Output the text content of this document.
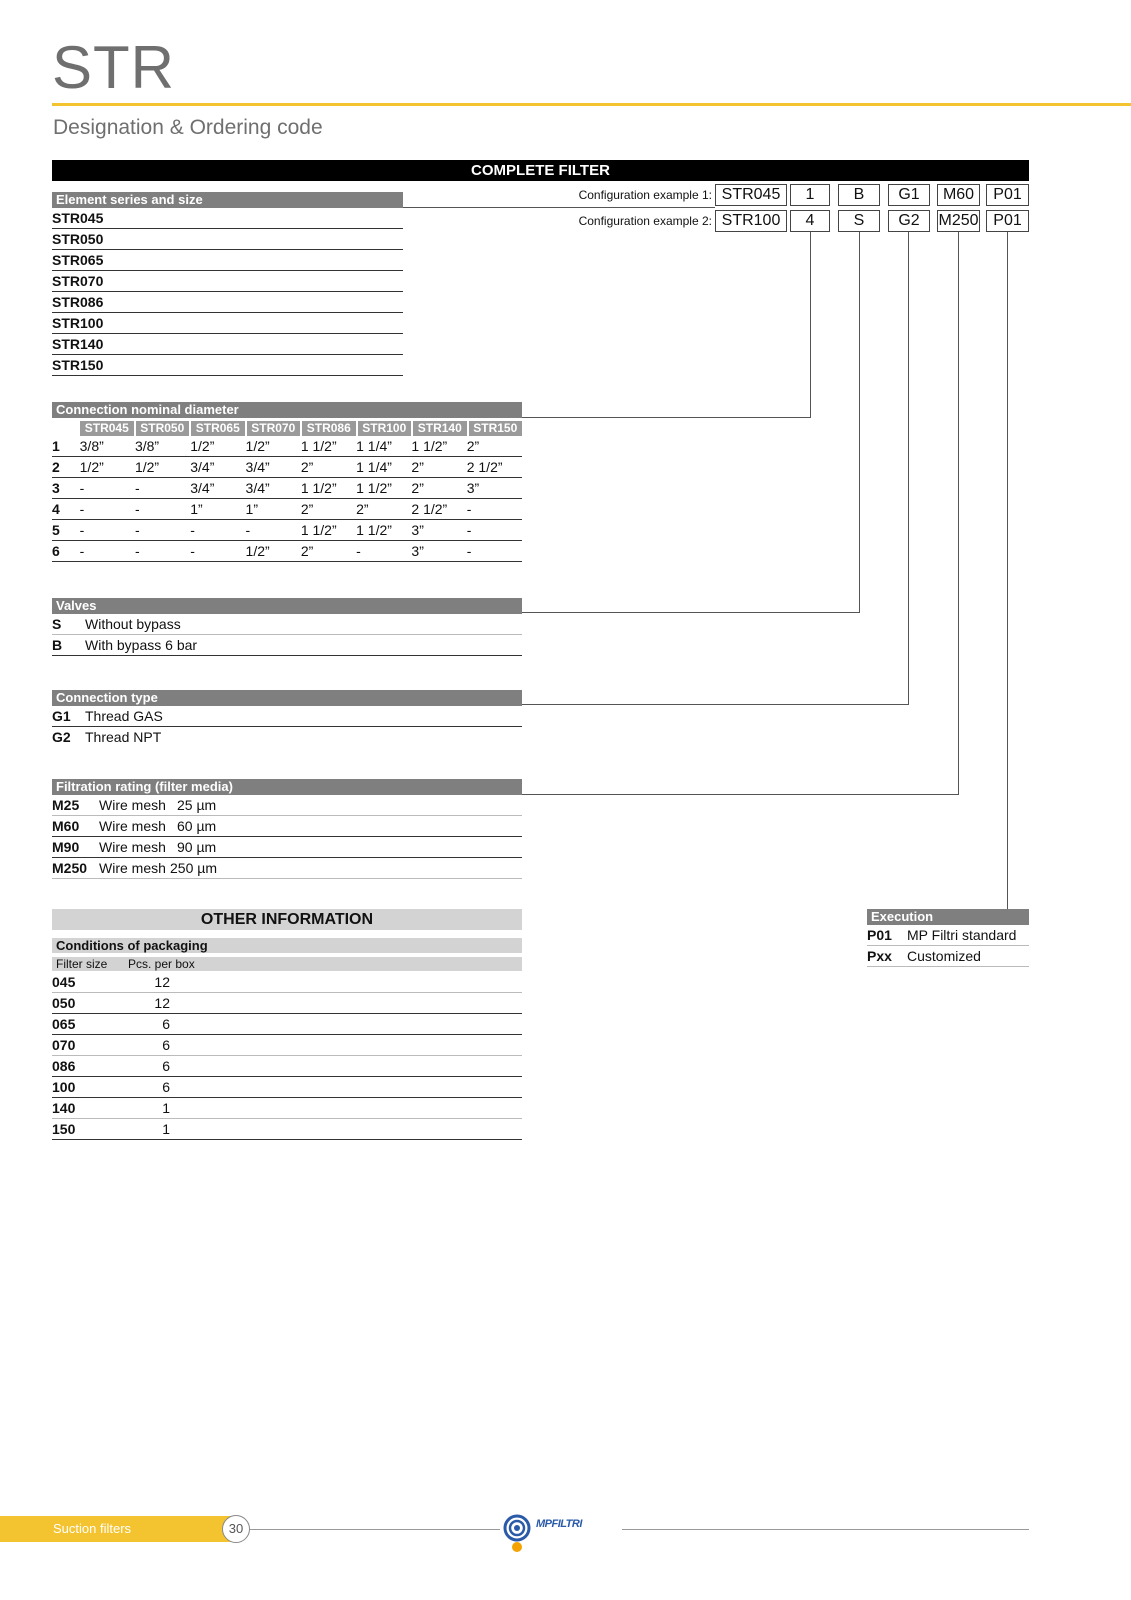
STR
Designation & Ordering code
COMPLETE FILTER
Configuration example 1:
Configuration example 2:
STR045	1	B	G1	M60	P01
STR100	4	S	G2	M250 P01
Element series and size
STR045
STR050
STR065
STR070
STR086
STR100
STR140
STR150
Connection nominal diameter
STR045 STR050 STR065 STR070 STR086 STR100 STR140 STR150
1	3/8”	3/8”	1/2”	1/2”	1 1/2”	1 1/4”	1 1/2”	2”
2	1/2”	1/2”	3/4”	3/4”	2”	1 1/4”	2”	2 1/2”
3	-	-	3/4”	3/4”	1 1/2”	1 1/2”	2”	3”
4	-	-	1”	1”	2”	2”	2 1/2”	-
5	-	-	-	-	1 1/2”	1 1/2”	3”	-
6	-	-	-	1/2”	2”	-	3”	-
Valves
S	Without bypass
B	With bypass 6 bar
Connection type
G1	Thread GAS
G2	Thread NPT
Filtration rating (filter media)
M25	Wire mesh 25 µm
M60	Wire mesh 60 µm
M90	Wire mesh 90 µm
M250 Wire mesh 250 µm
Execution
P01	MP Filtri standard
Pxx	Customized
OTHER INFORMATION
Conditions of packaging
Filter size	Pcs. per box
045	12
050	12
065	6
070	6
086	6
100	6
140	1
150	1
Suction filters	30	MPFILTRI
